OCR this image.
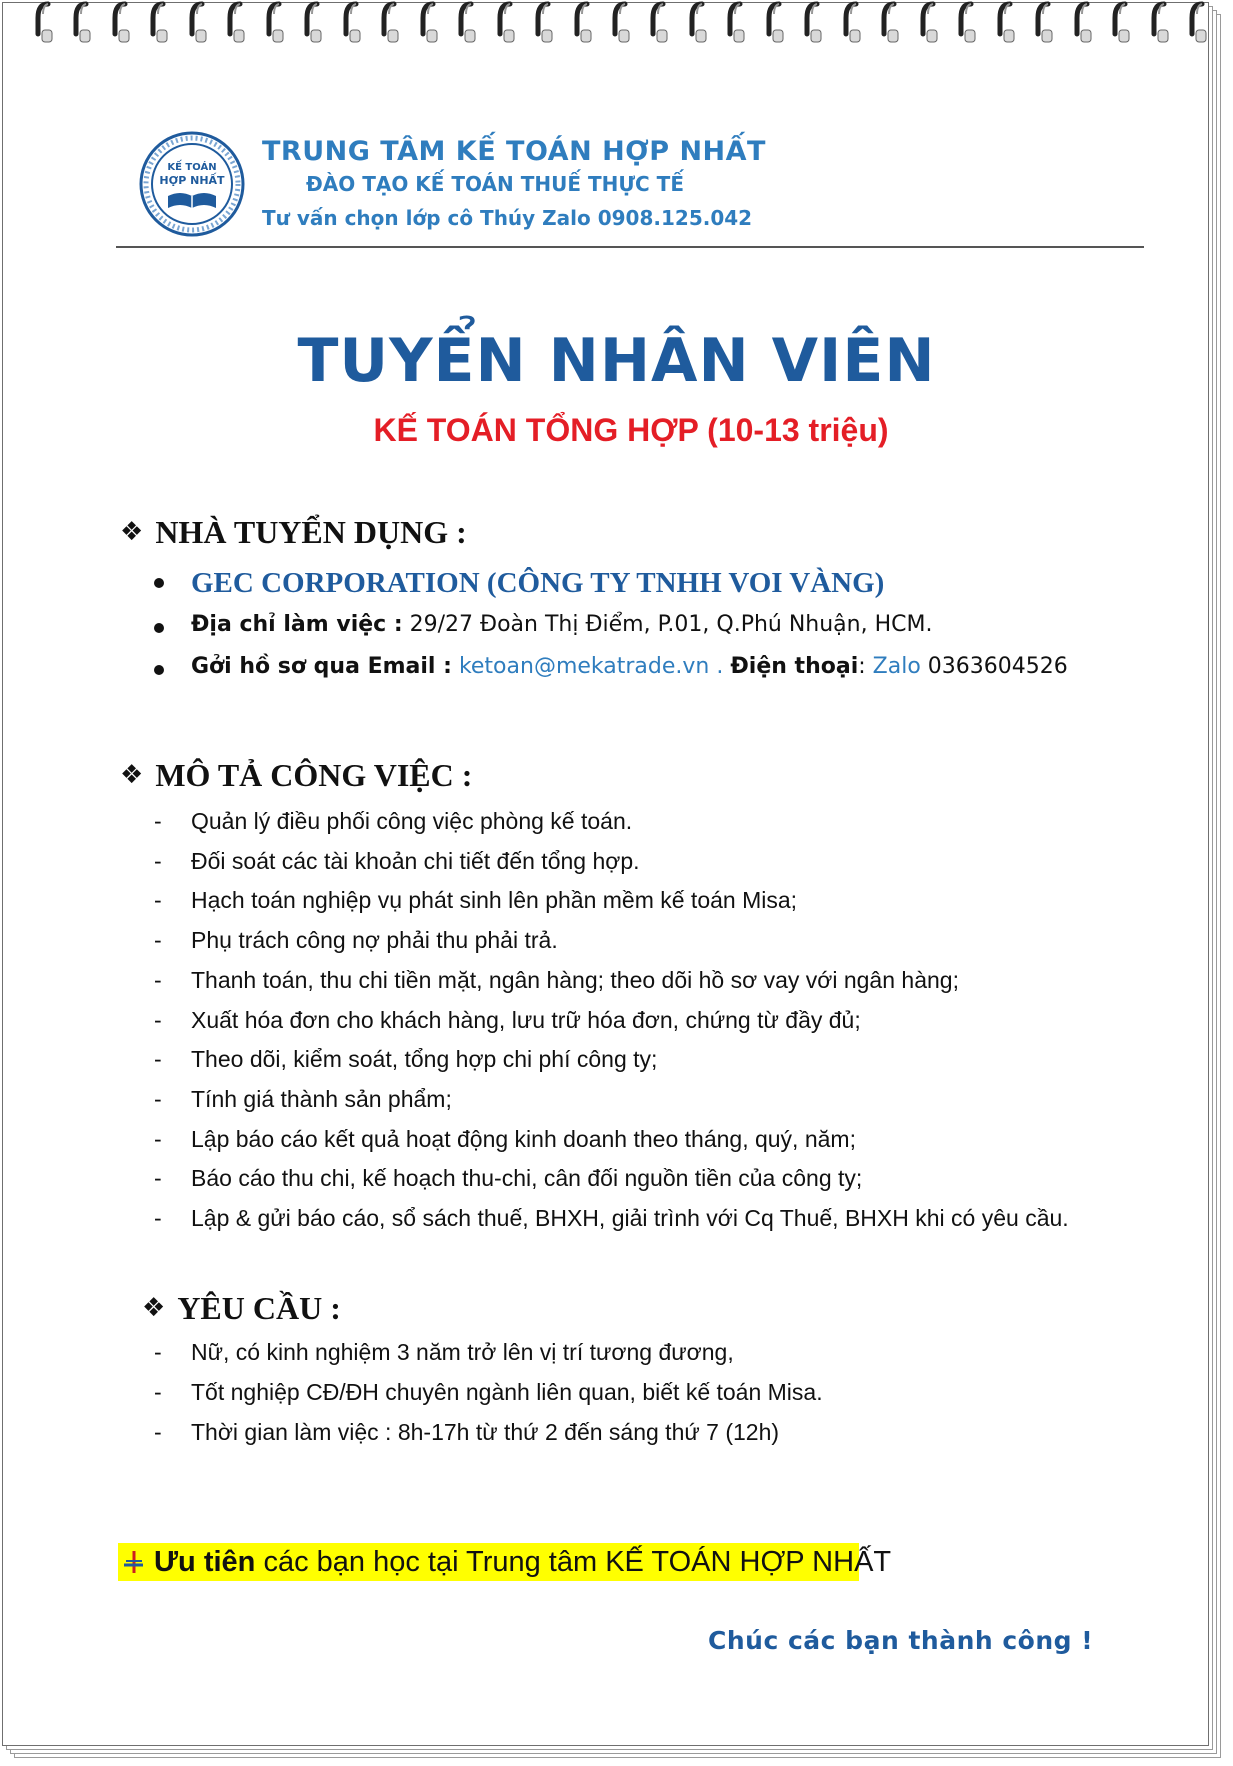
KẾ TOÁN
HỢP NHẤT
TRUNG TÂM KẾ TOÁN HỢP NHẤT
ĐÀO TẠO KẾ TOÁN THUẾ THỰC TẾ
Tư vấn chọn lớp cô Thúy Zalo 0908.125.042
TUYỂN NHÂN VIÊN
KẾ TOÁN TỔNG HỢP (10-13 triệu)
❖ NHÀ TUYỂN DỤNG :
GEC CORPORATION (CÔNG TY TNHH VOI VÀNG)
Địa chỉ làm việc : 29/27 Đoàn Thị Điểm, P.01, Q.Phú Nhuận, HCM.
Gởi hồ sơ qua Email : ketoan@mekatrade.vn . Điện thoại: Zalo 0363604526
❖ MÔ TẢ CÔNG VIỆC :
- Quản lý điều phối công việc phòng kế toán.
- Đối soát các tài khoản chi tiết đến tổng hợp.
- Hạch toán nghiệp vụ phát sinh lên phần mềm kế toán Misa;
- Phụ trách công nợ phải thu phải trả.
- Thanh toán, thu chi tiền mặt, ngân hàng; theo dõi hồ sơ vay với ngân hàng;
- Xuất hóa đơn cho khách hàng, lưu trữ hóa đơn, chứng từ đầy đủ;
- Theo dõi, kiểm soát, tổng hợp chi phí công ty;
- Tính giá thành sản phẩm;
- Lập báo cáo kết quả hoạt động kinh doanh theo tháng, quý, năm;
- Báo cáo thu chi, kế hoạch thu-chi, cân đối nguồn tiền của công ty;
- Lập & gửi báo cáo, sổ sách thuế, BHXH, giải trình với Cq Thuế, BHXH khi có yêu cầu.
❖ YÊU CẦU :
- Nữ, có kinh nghiệm 3 năm trở lên vị trí tương đương,
- Tốt nghiệp CĐ/ĐH chuyên ngành liên quan, biết kế toán Misa.
- Thời gian làm việc : 8h-17h từ thứ 2 đến sáng thứ 7 (12h)
Ưu tiên các bạn học tại Trung tâm KẾ TOÁN HỢP NHẤT
Chúc các bạn thành công !
